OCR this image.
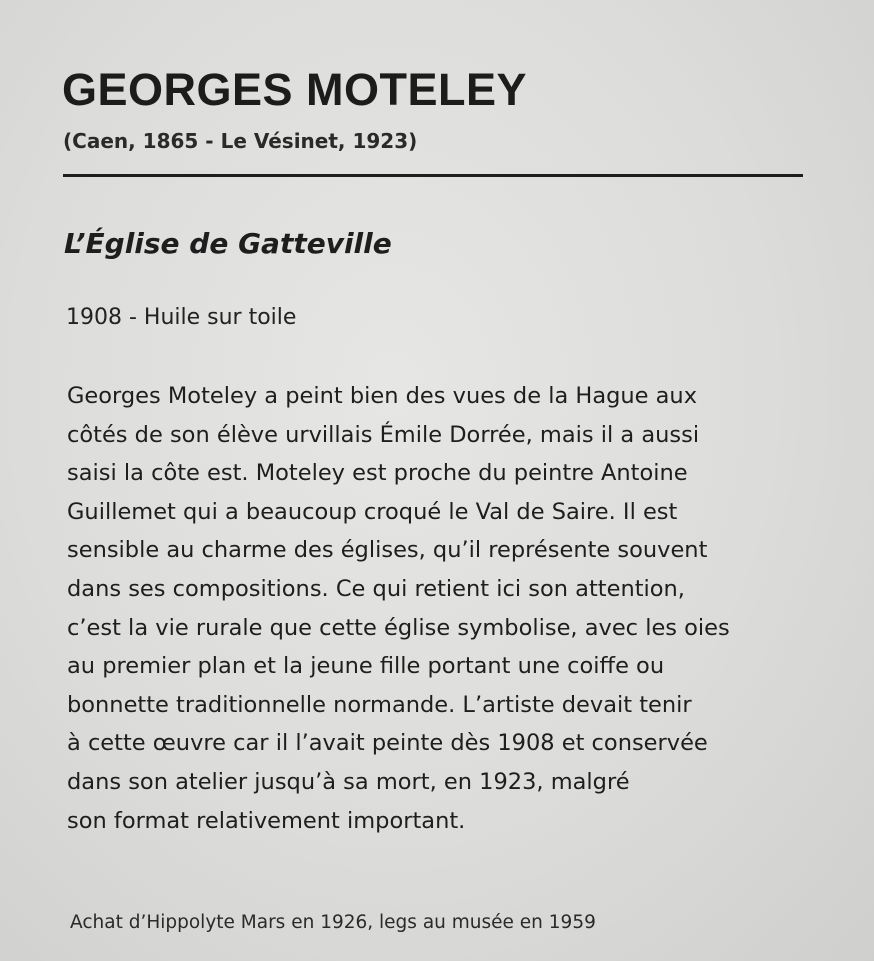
GEORGES MOTELEY

(Caen, 1865 - Le Vésinet, 1923)

L’Église de Gatteville

1908 - Huile sur toile

Georges Moteley a peint bien des vues de la Hague aux
côtés de son élève urvillais Émile Dorrée, mais il a aussi
saisi la côte est. Moteley est proche du peintre Antoine
Guillemet qui a beaucoup croqué le Val de Saire. Il est
sensible au charme des églises, qu’il représente souvent
dans ses compositions. Ce qui retient ici son attention,
c’est la vie rurale que cette église symbolise, avec les oies
au premier plan et la jeune fille portant une coiffe ou
bonnette traditionnelle normande. L’artiste devait tenir
à cette œuvre car il l’avait peinte dès 1908 et conservée
dans son atelier jusqu’à sa mort, en 1923, malgré
son format relativement important.

Achat d’Hippolyte Mars en 1926, legs au musée en 1959
